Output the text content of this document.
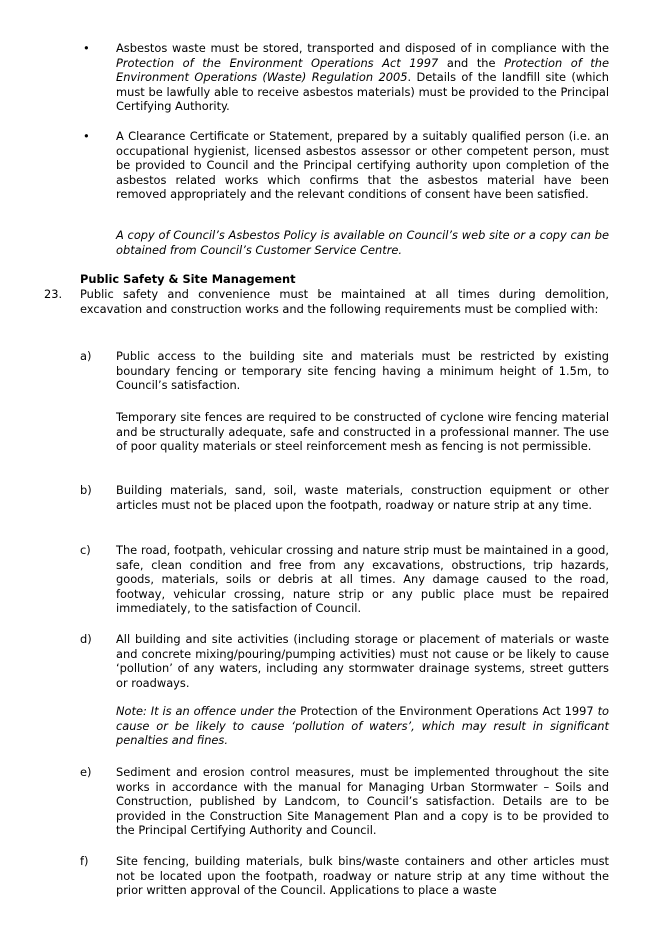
• Asbestos waste must be stored, transported and disposed of in compliance with the Protection of the Environment Operations Act 1997 and the Protection of the Environment Operations (Waste) Regulation 2005. Details of the landfill site (which must be lawfully able to receive asbestos materials) must be provided to the Principal Certifying Authority.

• A Clearance Certificate or Statement, prepared by a suitably qualified person (i.e. an occupational hygienist, licensed asbestos assessor or other competent person, must be provided to Council and the Principal certifying authority upon completion of the asbestos related works which confirms that the asbestos material have been removed appropriately and the relevant conditions of consent have been satisfied.

A copy of Council’s Asbestos Policy is available on Council’s web site or a copy can be obtained from Council’s Customer Service Centre.

Public Safety & Site Management
23. Public safety and convenience must be maintained at all times during demolition, excavation and construction works and the following requirements must be complied with:

a) Public access to the building site and materials must be restricted by existing boundary fencing or temporary site fencing having a minimum height of 1.5m, to Council’s satisfaction.

Temporary site fences are required to be constructed of cyclone wire fencing material and be structurally adequate, safe and constructed in a professional manner. The use of poor quality materials or steel reinforcement mesh as fencing is not permissible.

b) Building materials, sand, soil, waste materials, construction equipment or other articles must not be placed upon the footpath, roadway or nature strip at any time.

c) The road, footpath, vehicular crossing and nature strip must be maintained in a good, safe, clean condition and free from any excavations, obstructions, trip hazards, goods, materials, soils or debris at all times. Any damage caused to the road, footway, vehicular crossing, nature strip or any public place must be repaired immediately, to the satisfaction of Council.

d) All building and site activities (including storage or placement of materials or waste and concrete mixing/pouring/pumping activities) must not cause or be likely to cause ‘pollution’ of any waters, including any stormwater drainage systems, street gutters or roadways.

Note: It is an offence under the Protection of the Environment Operations Act 1997 to cause or be likely to cause ‘pollution of waters’, which may result in significant penalties and fines.

e) Sediment and erosion control measures, must be implemented throughout the site works in accordance with the manual for Managing Urban Stormwater – Soils and Construction, published by Landcom, to Council’s satisfaction. Details are to be provided in the Construction Site Management Plan and a copy is to be provided to the Principal Certifying Authority and Council.

f) Site fencing, building materials, bulk bins/waste containers and other articles must not be located upon the footpath, roadway or nature strip at any time without the prior written approval of the Council. Applications to place a waste
